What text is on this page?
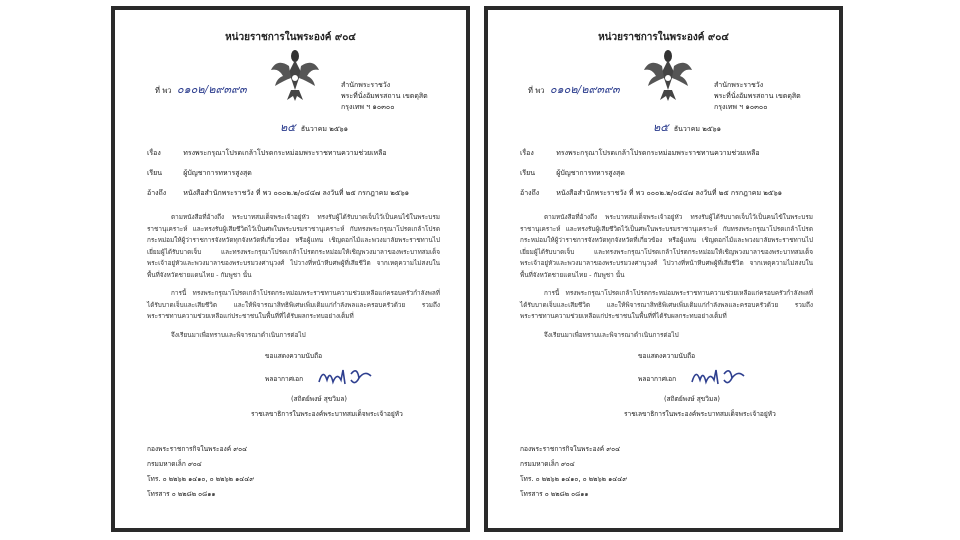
หน่วยราชการในพระองค์ ๙๐๔
ที่ พว ๐๑๐๒/๒๙๓๙๓	สำนักพระราชวัง
พระที่นั่งอัมพรสถาน เขตดุสิต
กรุงเทพ ฯ ๑๐๓๐๐
๒๕ ธันวาคม ๒๕๖๑
เรื่อง	ทรงพระกรุณาโปรดเกล้าโปรดกระหม่อมพระราชทานความช่วยเหลือ
เรียน	ผู้บัญชาการทหารสูงสุด
อ้างถึง หนังสือสำนักพระราชวัง ที่ พว ๐๐๐๒.๒/๐๔๔๗ ลงวันที่ ๒๕ กรกฎาคม ๒๕๖๑

ตามหนังสือที่อ้างถึง พระบาทสมเด็จพระเจ้าอยู่หัว ทรงรับผู้ได้รับบาดเจ็บไว้เป็นคนไข้ในพระบรมราชานุเคราะห์ และทรงรับผู้เสียชีวิตไว้เป็นศพในพระบรมราชานุเคราะห์ กับทรงพระกรุณาโปรดเกล้าโปรดกระหม่อมให้ผู้ว่าราชการจังหวัดทุกจังหวัดที่เกี่ยวข้อง หรือผู้แทน เชิญดอกไม้และพวงมาลัยพระราชทานไปเยี่ยมผู้ได้รับบาดเจ็บ และทรงพระกรุณาโปรดเกล้าโปรดกระหม่อมให้เชิญพวงมาลาของพระบาทสมเด็จพระเจ้าอยู่หัวและพวงมาลาของพระบรมวงศานุวงศ์ ไปวางที่หน้าหีบศพผู้ที่เสียชีวิต จากเหตุความไม่สงบในพื้นที่จังหวัดชายแดนไทย - กัมพูชา นั้น

การนี้ ทรงพระกรุณาโปรดเกล้าโปรดกระหม่อมพระราชทานความช่วยเหลือแก่ครอบครัวกำลังพลที่ได้รับบาดเจ็บและเสียชีวิต และให้พิจารณาสิทธิพิเศษเพิ่มเติมแก่กำลังพลและครอบครัวด้วย รวมถึงพระราชทานความช่วยเหลือแก่ประชาชนในพื้นที่ที่ได้รับผลกระทบอย่างเต็มที่

จึงเรียนมาเพื่อทราบและพิจารณาดำเนินการต่อไป

ขอแสดงความนับถือ
พลอากาศเอก
(สถิตย์พงษ์ สุขวิมล)
ราชเลขาธิการในพระองค์พระบาทสมเด็จพระเจ้าอยู่หัว
กองพระราชการกิจในพระองค์ ๙๐๔
กรมมหาดเล็ก ๙๐๔
โทร. ๐ ๒๒๖๒ ๑๔๑๐, ๐ ๒๒๖๒ ๑๔๔๙
โทรสาร ๐ ๒๒๘๒ ๐๘๑๑
หน่วยราชการในพระองค์ ๙๐๔
ที่ พว ๐๑๐๒/๒๙๓๙๓	สำนักพระราชวัง
พระที่นั่งอัมพรสถาน เขตดุสิต
กรุงเทพ ฯ ๑๐๓๐๐
๒๕ ธันวาคม ๒๕๖๑
เรื่อง	ทรงพระกรุณาโปรดเกล้าโปรดกระหม่อมพระราชทานความช่วยเหลือ
เรียน	ผู้บัญชาการทหารสูงสุด
อ้างถึง หนังสือสำนักพระราชวัง ที่ พว ๐๐๐๒.๒/๐๔๔๗ ลงวันที่ ๒๕ กรกฎาคม ๒๕๖๑

ตามหนังสือที่อ้างถึง พระบาทสมเด็จพระเจ้าอยู่หัว ทรงรับผู้ได้รับบาดเจ็บไว้เป็นคนไข้ในพระบรมราชานุเคราะห์ และทรงรับผู้เสียชีวิตไว้เป็นศพในพระบรมราชานุเคราะห์ กับทรงพระกรุณาโปรดเกล้าโปรดกระหม่อมให้ผู้ว่าราชการจังหวัดทุกจังหวัดที่เกี่ยวข้อง หรือผู้แทน เชิญดอกไม้และพวงมาลัยพระราชทานไปเยี่ยมผู้ได้รับบาดเจ็บ และทรงพระกรุณาโปรดเกล้าโปรดกระหม่อมให้เชิญพวงมาลาของพระบาทสมเด็จพระเจ้าอยู่หัวและพวงมาลาของพระบรมวงศานุวงศ์ ไปวางที่หน้าหีบศพผู้ที่เสียชีวิต จากเหตุความไม่สงบในพื้นที่จังหวัดชายแดนไทย - กัมพูชา นั้น

การนี้ ทรงพระกรุณาโปรดเกล้าโปรดกระหม่อมพระราชทานความช่วยเหลือแก่ครอบครัวกำลังพลที่ได้รับบาดเจ็บและเสียชีวิต และให้พิจารณาสิทธิพิเศษเพิ่มเติมแก่กำลังพลและครอบครัวด้วย รวมถึงพระราชทานความช่วยเหลือแก่ประชาชนในพื้นที่ที่ได้รับผลกระทบอย่างเต็มที่

จึงเรียนมาเพื่อทราบและพิจารณาดำเนินการต่อไป

ขอแสดงความนับถือ
พลอากาศเอก
(สถิตย์พงษ์ สุขวิมล)
ราชเลขาธิการในพระองค์พระบาทสมเด็จพระเจ้าอยู่หัว
กองพระราชการกิจในพระองค์ ๙๐๔
กรมมหาดเล็ก ๙๐๔
โทร. ๐ ๒๒๖๒ ๑๔๑๐, ๐ ๒๒๖๒ ๑๔๔๙
โทรสาร ๐ ๒๒๘๒ ๐๘๑๑
